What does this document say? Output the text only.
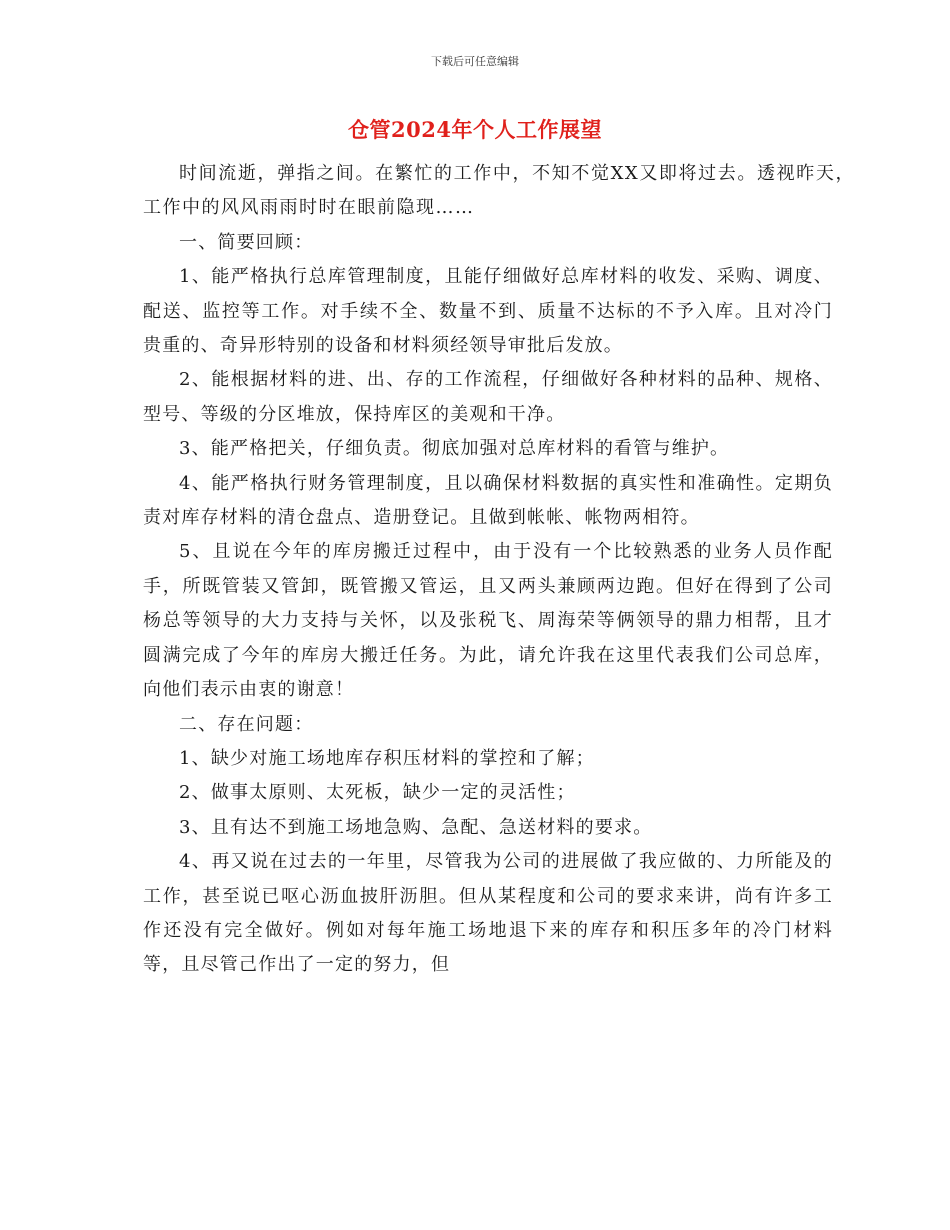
下载后可任意编辑
仓管2024年个人工作展望

时间流逝，弹指之间。在繁忙的工作中，不知不觉XX又即将过去。透视昨天，工作中的风风雨雨时时在眼前隐现……

一、简要回顾：

1、能严格执行总库管理制度，且能仔细做好总库材料的收发、采购、调度、配送、监控等工作。对手续不全、数量不到、质量不达标的不予入库。且对冷门贵重的、奇异形特别的设备和材料须经领导审批后发放。

2、能根据材料的进、出、存的工作流程，仔细做好各种材料的品种、规格、型号、等级的分区堆放，保持库区的美观和干净。

3、能严格把关，仔细负责。彻底加强对总库材料的看管与维护。

4、能严格执行财务管理制度，且以确保材料数据的真实性和准确性。定期负责对库存材料的清仓盘点、造册登记。且做到帐帐、帐物两相符。

5、且说在今年的库房搬迁过程中，由于没有一个比较熟悉的业务人员作配手，所既管装又管卸，既管搬又管运，且又两头兼顾两边跑。但好在得到了公司杨总等领导的大力支持与关怀，以及张税飞、周海荣等俩领导的鼎力相帮，且才圆满完成了今年的库房大搬迁任务。为此，请允许我在这里代表我们公司总库，向他们表示由衷的谢意！

二、存在问题：

1、缺少对施工场地库存积压材料的掌控和了解；

2、做事太原则、太死板，缺少一定的灵活性；

3、且有达不到施工场地急购、急配、急送材料的要求。

4、再又说在过去的一年里，尽管我为公司的进展做了我应做的、力所能及的工作，甚至说已呕心沥血披肝沥胆。但从某程度和公司的要求来讲，尚有许多工作还没有完全做好。例如对每年施工场地退下来的库存和积压多年的冷门材料等，且尽管己作出了一定的努力，但
